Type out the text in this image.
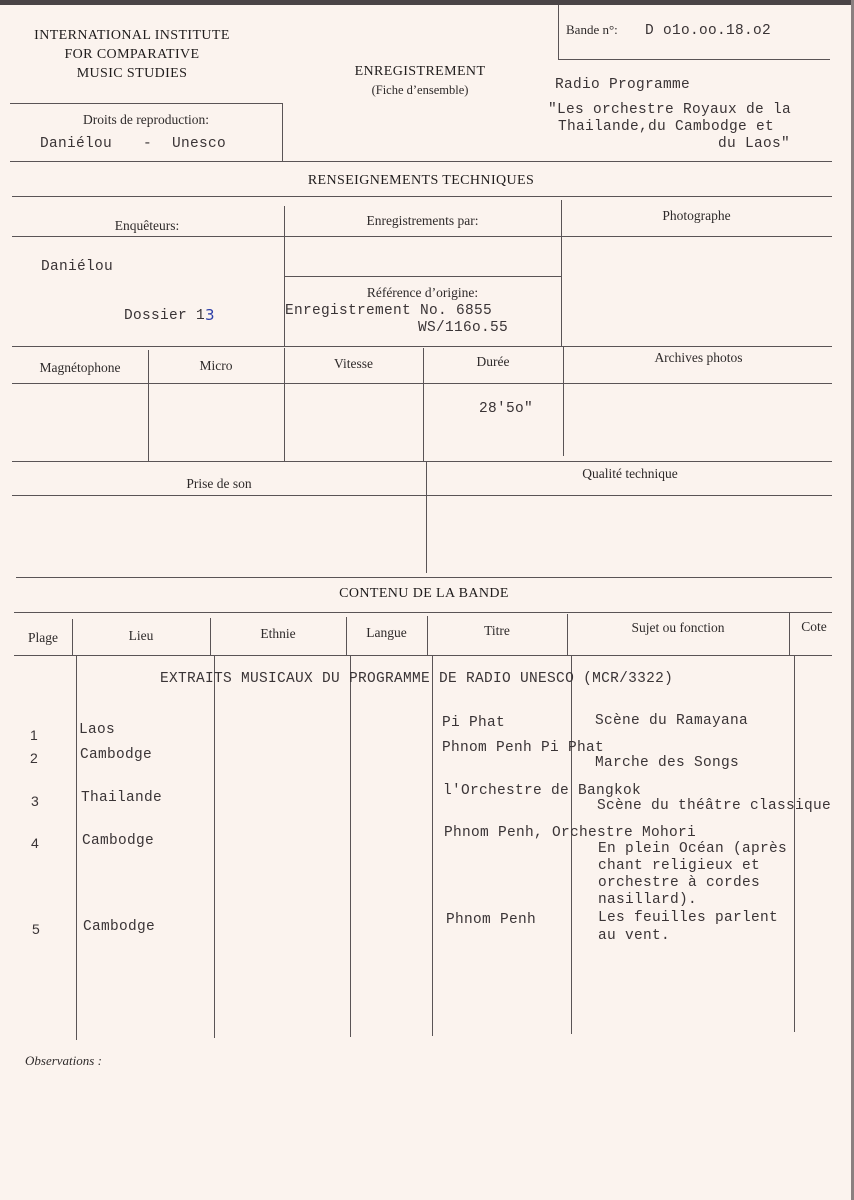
INTERNATIONAL INSTITUTE
FOR COMPARATIVE
MUSIC STUDIES	ENREGISTREMENT
(Fiche d’ensemble)
Bande n°: D o1o.oo.18.o2
Radio Programme
"Les orchestre Royaux de la
Thailande,du Cambodge et
du Laos"
Droits de reproduction:
Daniélou - Unesco
RENSEIGNEMENTS TECHNIQUES
Enquêteurs:	Enregistrements par:	Photographe
Daniélou
Dossier 1 3
Référence d’origine:
Enregistrement No. 6855
WS/116o.55
Magnétophone	Micro	Vitesse	Durée	Archives photos
28'5o"
Prise de son
Qualité technique
CONTENU DE LA BANDE
Plage	Lieu	Ethnie	Langue	Titre	Sujet ou fonction	Cote
EXTRAITS MUSICAUX DU PROGRAMME DE RADIO UNESCO (MCR/3322)
1	Laos	Pi Phat	Scène du Ramayana
2	Cambodge	Phnom Penh Pi Phat
Marche des Songs
3	Thailande	l'Orchestre de Bangkok
Scène du théâtre classique
4	Cambodge	Phnom Penh, Orchestre Mohori
En plein Océan (après
chant religieux et
orchestre à cordes
nasillard).
5	Cambodge	Phnom Penh	Les feuilles parlent
au vent.
Observations :
